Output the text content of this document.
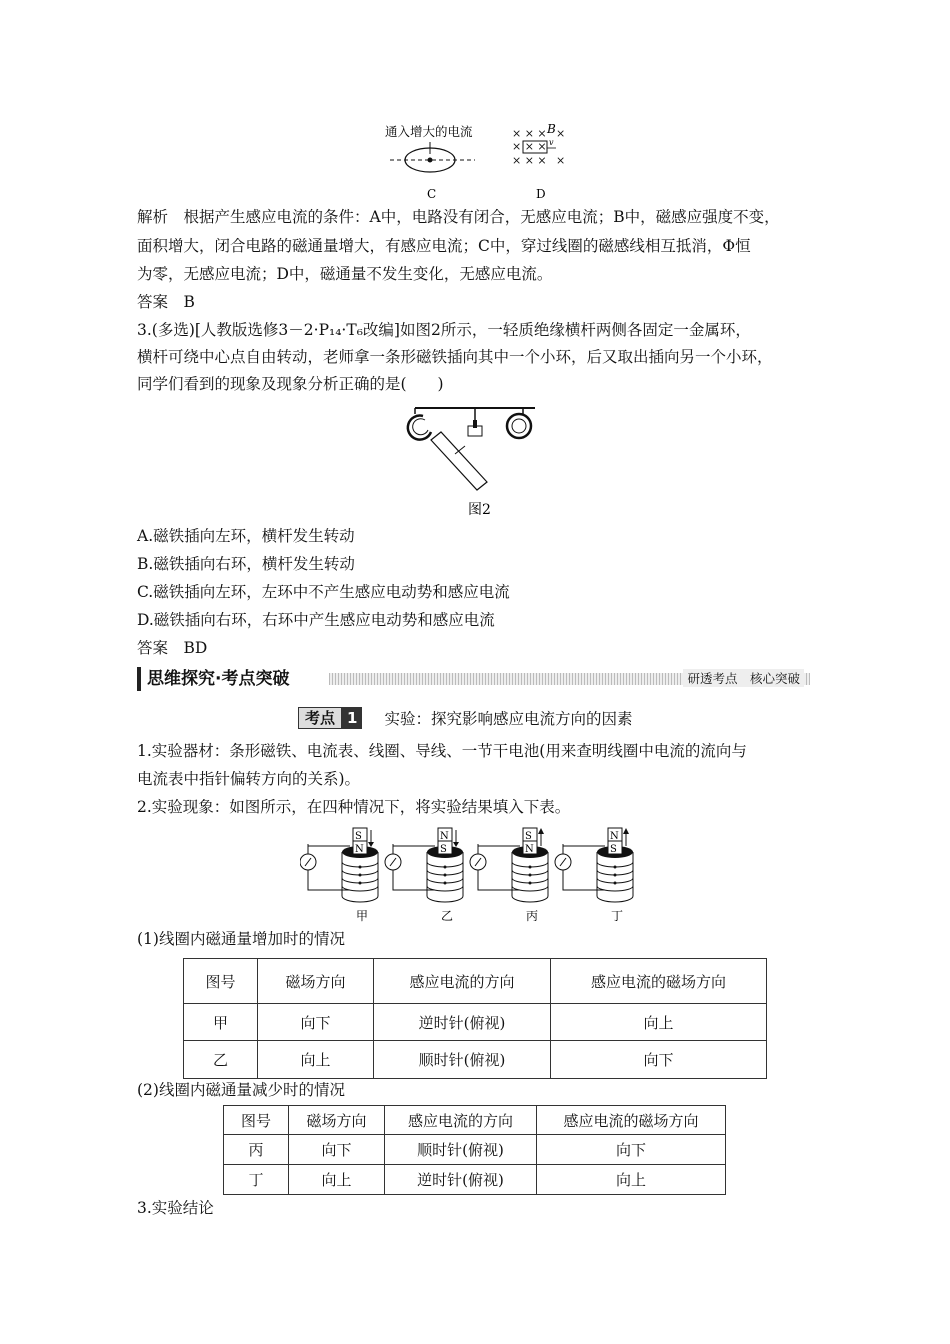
通入增大的电流
C
× × ×
× × ×
× × ×
×
×
B
v
D
解析　根据产生感应电流的条件：A中，电路没有闭合，无感应电流；B中，磁感应强度不变，
面积增大，闭合电路的磁通量增大，有感应电流；C中，穿过线圈的磁感线相互抵消，Φ恒
为零，无感应电流；D中，磁通量不发生变化，无感应电流。
答案　B
3.(多选)[人教版选修3－2·P₁₄·T₆改编]如图2所示，一轻质绝缘横杆两侧各固定一金属环，
横杆可绕中心点自由转动，老师拿一条形磁铁插向其中一个小环，后又取出插向另一个小环，
同学们看到的现象及现象分析正确的是(　　)
图2
A.磁铁插向左环，横杆发生转动
B.磁铁插向右环，横杆发生转动
C.磁铁插向左环，左环中不产生感应电动势和感应电流
D.磁铁插向右环，右环中产生感应电动势和感应电流
答案　BD
思维探究·考点突破	研透考点　核心突破
考点 1	实验：探究影响感应电流方向的因素
1.实验器材：条形磁铁、电流表、线圈、导线、一节干电池(用来查明线圈中电流的流向与
电流表中指针偏转方向的关系)。
2.实验现象：如图所示，在四种情况下，将实验结果填入下表。
S
N
甲
N
S
乙
S
N
丙
N
S
丁
(1)线圈内磁通量增加时的情况
图号	磁场方向	感应电流的方向	感应电流的磁场方向
甲	向下	逆时针(俯视)	向上
乙	向上	顺时针(俯视)	向下
(2)线圈内磁通量减少时的情况
图号	磁场方向	感应电流的方向	感应电流的磁场方向
丙	向下	顺时针(俯视)	向下
丁	向上	逆时针(俯视)	向上
3.实验结论
